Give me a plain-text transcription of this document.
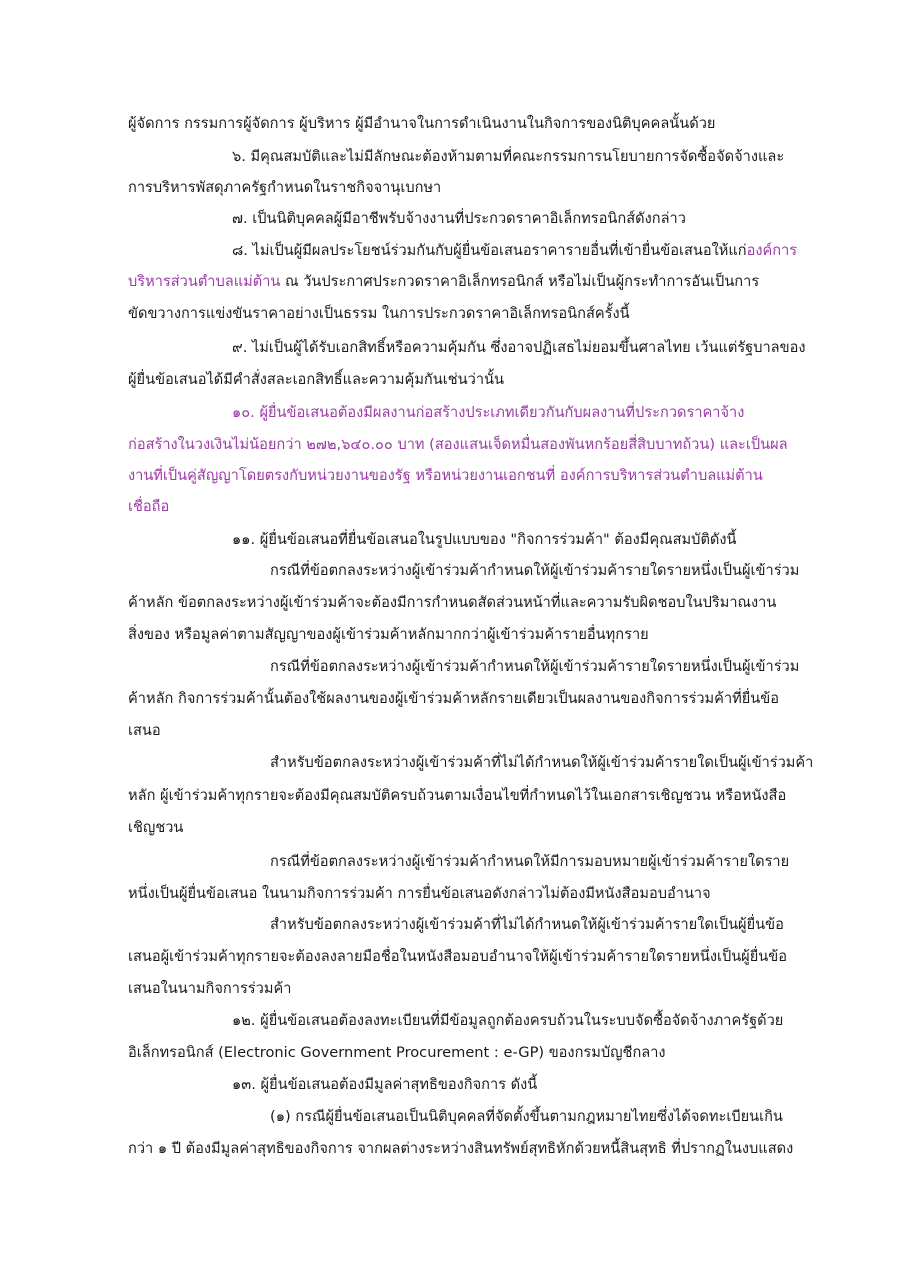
ผู้จัดการ กรรมการผู้จัดการ ผู้บริหาร ผู้มีอำนาจในการดำเนินงานในกิจการของนิติบุคคลนั้นด้วย

๖. มีคุณสมบัติและไม่มีลักษณะต้องห้ามตามที่คณะกรรมการนโยบายการจัดซื้อจัดจ้างและ

การบริหารพัสดุภาครัฐกำหนดในราชกิจจานุเบกษา

๗. เป็นนิติบุคคลผู้มีอาชีพรับจ้างงานที่ประกวดราคาอิเล็กทรอนิกส์ดังกล่าว

๘. ไม่เป็นผู้มีผลประโยชน์ร่วมกันกับผู้ยื่นข้อเสนอราคารายอื่นที่เข้ายื่นข้อเสนอให้แก่องค์การ

บริหารส่วนตำบลแม่ต้าน ณ วันประกาศประกวดราคาอิเล็กทรอนิกส์ หรือไม่เป็นผู้กระทำการอันเป็นการ

ขัดขวางการแข่งขันราคาอย่างเป็นธรรม ในการประกวดราคาอิเล็กทรอนิกส์ครั้งนี้

๙. ไม่เป็นผู้ได้รับเอกสิทธิ์หรือความคุ้มกัน ซึ่งอาจปฏิเสธไม่ยอมขึ้นศาลไทย เว้นแต่รัฐบาลของ

ผู้ยื่นข้อเสนอได้มีคำสั่งสละเอกสิทธิ์และความคุ้มกันเช่นว่านั้น

๑๐. ผู้ยื่นข้อเสนอต้องมีผลงานก่อสร้างประเภทเดียวกันกับผลงานที่ประกวดราคาจ้าง

ก่อสร้างในวงเงินไม่น้อยกว่า ๒๗๒,๖๔๐.๐๐ บาท (สองแสนเจ็ดหมื่นสองพันหกร้อยสี่สิบบาทถ้วน) และเป็นผล

งานที่เป็นคู่สัญญาโดยตรงกับหน่วยงานของรัฐ หรือหน่วยงานเอกชนที่ องค์การบริหารส่วนตำบลแม่ต้าน

เชื่อถือ

๑๑. ผู้ยื่นข้อเสนอที่ยื่นข้อเสนอในรูปแบบของ "กิจการร่วมค้า" ต้องมีคุณสมบัติดังนี้

กรณีที่ข้อตกลงระหว่างผู้เข้าร่วมค้ากำหนดให้ผู้เข้าร่วมค้ารายใดรายหนึ่งเป็นผู้เข้าร่วม

ค้าหลัก ข้อตกลงระหว่างผู้เข้าร่วมค้าจะต้องมีการกำหนดสัดส่วนหน้าที่และความรับผิดชอบในปริมาณงาน

สิ่งของ หรือมูลค่าตามสัญญาของผู้เข้าร่วมค้าหลักมากกว่าผู้เข้าร่วมค้ารายอื่นทุกราย

กรณีที่ข้อตกลงระหว่างผู้เข้าร่วมค้ากำหนดให้ผู้เข้าร่วมค้ารายใดรายหนึ่งเป็นผู้เข้าร่วม

ค้าหลัก กิจการร่วมค้านั้นต้องใช้ผลงานของผู้เข้าร่วมค้าหลักรายเดียวเป็นผลงานของกิจการร่วมค้าที่ยื่นข้อ

เสนอ

สำหรับข้อตกลงระหว่างผู้เข้าร่วมค้าที่ไม่ได้กำหนดให้ผู้เข้าร่วมค้ารายใดเป็นผู้เข้าร่วมค้า

หลัก ผู้เข้าร่วมค้าทุกรายจะต้องมีคุณสมบัติครบถ้วนตามเงื่อนไขที่กำหนดไว้ในเอกสารเชิญชวน หรือหนังสือ

เชิญชวน

กรณีที่ข้อตกลงระหว่างผู้เข้าร่วมค้ากำหนดให้มีการมอบหมายผู้เข้าร่วมค้ารายใดราย

หนึ่งเป็นผู้ยื่นข้อเสนอ ในนามกิจการร่วมค้า การยื่นข้อเสนอดังกล่าวไม่ต้องมีหนังสือมอบอำนาจ

สำหรับข้อตกลงระหว่างผู้เข้าร่วมค้าที่ไม่ได้กำหนดให้ผู้เข้าร่วมค้ารายใดเป็นผู้ยื่นข้อ

เสนอผู้เข้าร่วมค้าทุกรายจะต้องลงลายมือชื่อในหนังสือมอบอำนาจให้ผู้เข้าร่วมค้ารายใดรายหนึ่งเป็นผู้ยื่นข้อ

เสนอในนามกิจการร่วมค้า

๑๒. ผู้ยื่นข้อเสนอต้องลงทะเบียนที่มีข้อมูลถูกต้องครบถ้วนในระบบจัดซื้อจัดจ้างภาครัฐด้วย

อิเล็กทรอนิกส์ (Electronic Government Procurement : e-GP) ของกรมบัญชีกลาง

๑๓. ผู้ยื่นข้อเสนอต้องมีมูลค่าสุทธิของกิจการ ดังนี้

(๑) กรณีผู้ยื่นข้อเสนอเป็นนิติบุคคลที่จัดตั้งขึ้นตามกฎหมายไทยซึ่งได้จดทะเบียนเกิน

กว่า ๑ ปี ต้องมีมูลค่าสุทธิของกิจการ จากผลต่างระหว่างสินทรัพย์สุทธิหักด้วยหนี้สินสุทธิ ที่ปรากฏในงบแสดง
